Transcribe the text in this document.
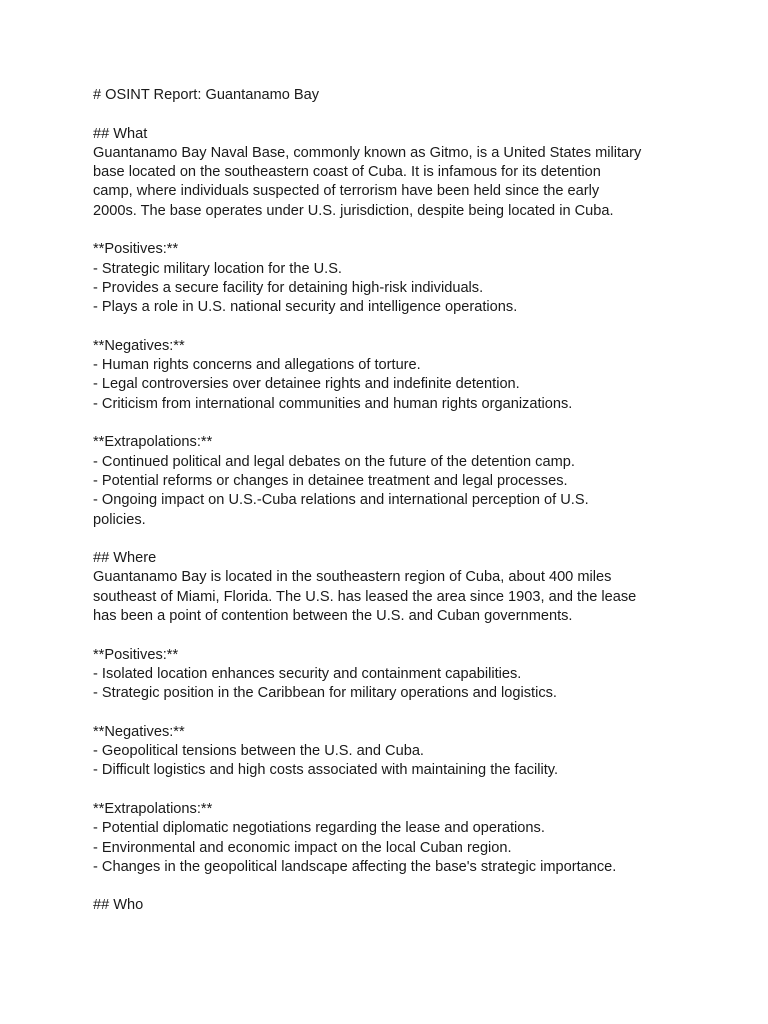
# OSINT Report: Guantanamo Bay
## What
Guantanamo Bay Naval Base, commonly known as Gitmo, is a United States military
base located on the southeastern coast of Cuba. It is infamous for its detention
camp, where individuals suspected of terrorism have been held since the early
2000s. The base operates under U.S. jurisdiction, despite being located in Cuba.
**Positives:**
- Strategic military location for the U.S.
- Provides a secure facility for detaining high-risk individuals.
- Plays a role in U.S. national security and intelligence operations.
**Negatives:**
- Human rights concerns and allegations of torture.
- Legal controversies over detainee rights and indefinite detention.
- Criticism from international communities and human rights organizations.
**Extrapolations:**
- Continued political and legal debates on the future of the detention camp.
- Potential reforms or changes in detainee treatment and legal processes.
- Ongoing impact on U.S.-Cuba relations and international perception of U.S.
policies.
## Where
Guantanamo Bay is located in the southeastern region of Cuba, about 400 miles
southeast of Miami, Florida. The U.S. has leased the area since 1903, and the lease
has been a point of contention between the U.S. and Cuban governments.
**Positives:**
- Isolated location enhances security and containment capabilities.
- Strategic position in the Caribbean for military operations and logistics.
**Negatives:**
- Geopolitical tensions between the U.S. and Cuba.
- Difficult logistics and high costs associated with maintaining the facility.
**Extrapolations:**
- Potential diplomatic negotiations regarding the lease and operations.
- Environmental and economic impact on the local Cuban region.
- Changes in the geopolitical landscape affecting the base's strategic importance.
## Who
